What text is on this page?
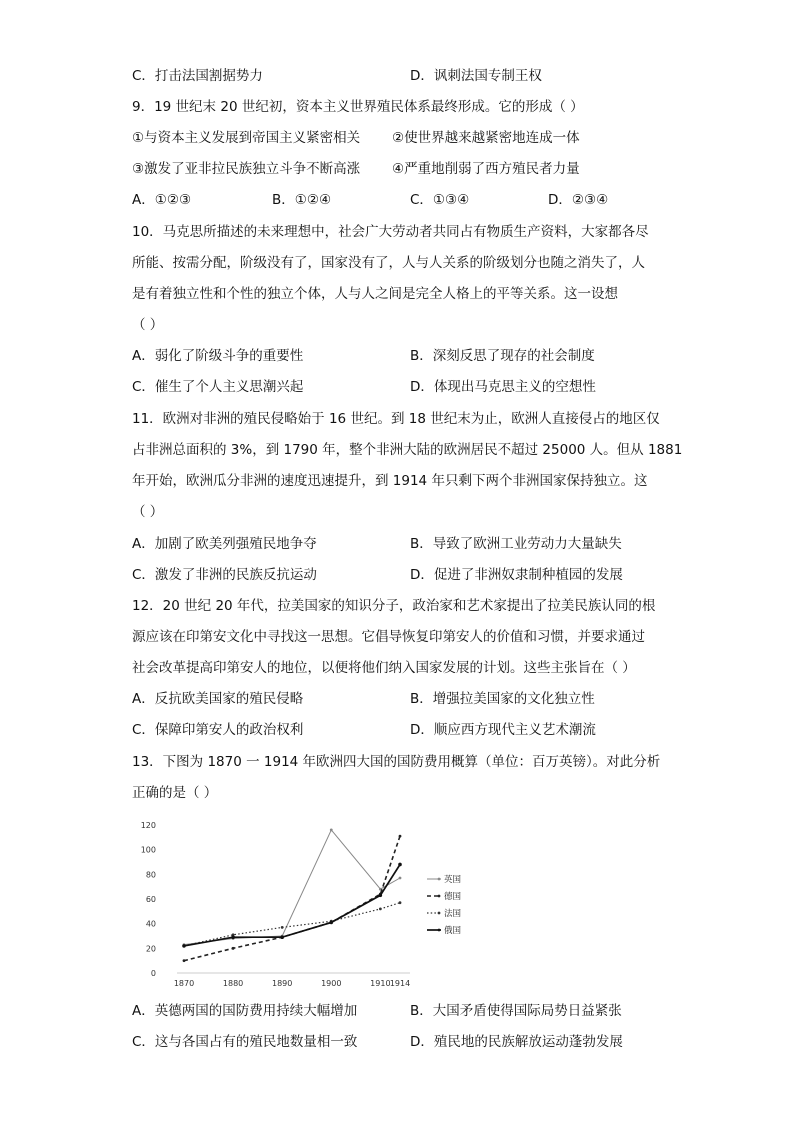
C．打击法国割据势力	D．讽刺法国专制王权
9．19 世纪末 20 世纪初，资本主义世界殖民体系最终形成。它的形成（ ）
①与资本主义发展到帝国主义紧密相关 ②使世界越来越紧密地连成一体
③激发了亚非拉民族独立斗争不断高涨 ④严重地削弱了西方殖民者力量
A．①②③	B．①②④	C．①③④	D．②③④
10．马克思所描述的未来理想中，社会广大劳动者共同占有物质生产资料，大家都各尽
所能、按需分配，阶级没有了，国家没有了，人与人关系的阶级划分也随之消失了，人
是有着独立性和个性的独立个体，人与人之间是完全人格上的平等关系。这一设想
（ ）
A．弱化了阶级斗争的重要性	B．深刻反思了现存的社会制度
C．催生了个人主义思潮兴起	D．体现出马克思主义的空想性
11．欧洲对非洲的殖民侵略始于 16 世纪。到 18 世纪末为止，欧洲人直接侵占的地区仅
占非洲总面积的 3%，到 1790 年，整个非洲大陆的欧洲居民不超过 25000 人。但从 1881
年开始，欧洲瓜分非洲的速度迅速提升，到 1914 年只剩下两个非洲国家保持独立。这
（ ）
A．加剧了欧美列强殖民地争夺	B．导致了欧洲工业劳动力大量缺失
C．激发了非洲的民族反抗运动	D．促进了非洲奴隶制种植园的发展
12．20 世纪 20 年代，拉美国家的知识分子，政治家和艺术家提出了拉美民族认同的根
源应该在印第安文化中寻找这一思想。它倡导恢复印第安人的价值和习惯，并要求通过
社会改革提高印第安人的地位，以便将他们纳入国家发展的计划。这些主张旨在（ ）
A．反抗欧美国家的殖民侵略	B．增强拉美国家的文化独立性
C．保障印第安人的政治权利	D．顺应西方现代主义艺术潮流
13．下图为 1870 一 1914 年欧洲四大国的国防费用概算（单位：百万英镑）。对此分析
正确的是（ ）
0
20
40
60
80
100
120
1870	1880	1890	1900	1910 1914
英国
德国
法国
俄国
A．英德两国的国防费用持续大幅增加	B．大国矛盾使得国际局势日益紧张
C．这与各国占有的殖民地数量相一致	D．殖民地的民族解放运动蓬勃发展
